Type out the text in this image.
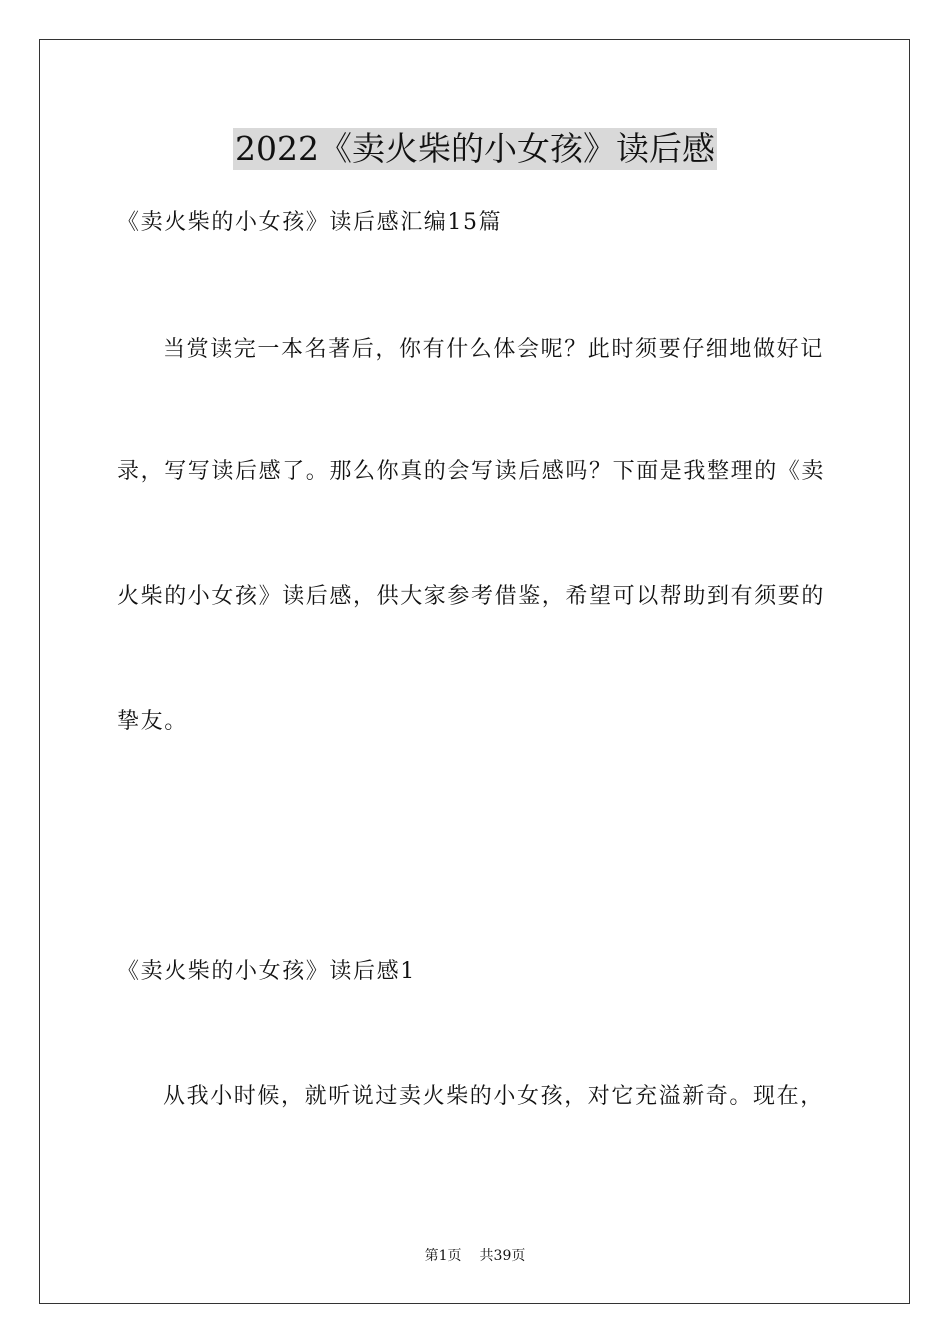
2022《卖火柴的小女孩》读后感
《卖火柴的小女孩》读后感汇编15篇
当赏读完一本名著后，你有什么体会呢？此时须要仔细地做好记
录，写写读后感了。那么你真的会写读后感吗？下面是我整理的《卖
火柴的小女孩》读后感，供大家参考借鉴，希望可以帮助到有须要的
挚友。
《卖火柴的小女孩》读后感1
从我小时候，就听说过卖火柴的小女孩，对它充溢新奇。现在，
第1页 共39页
